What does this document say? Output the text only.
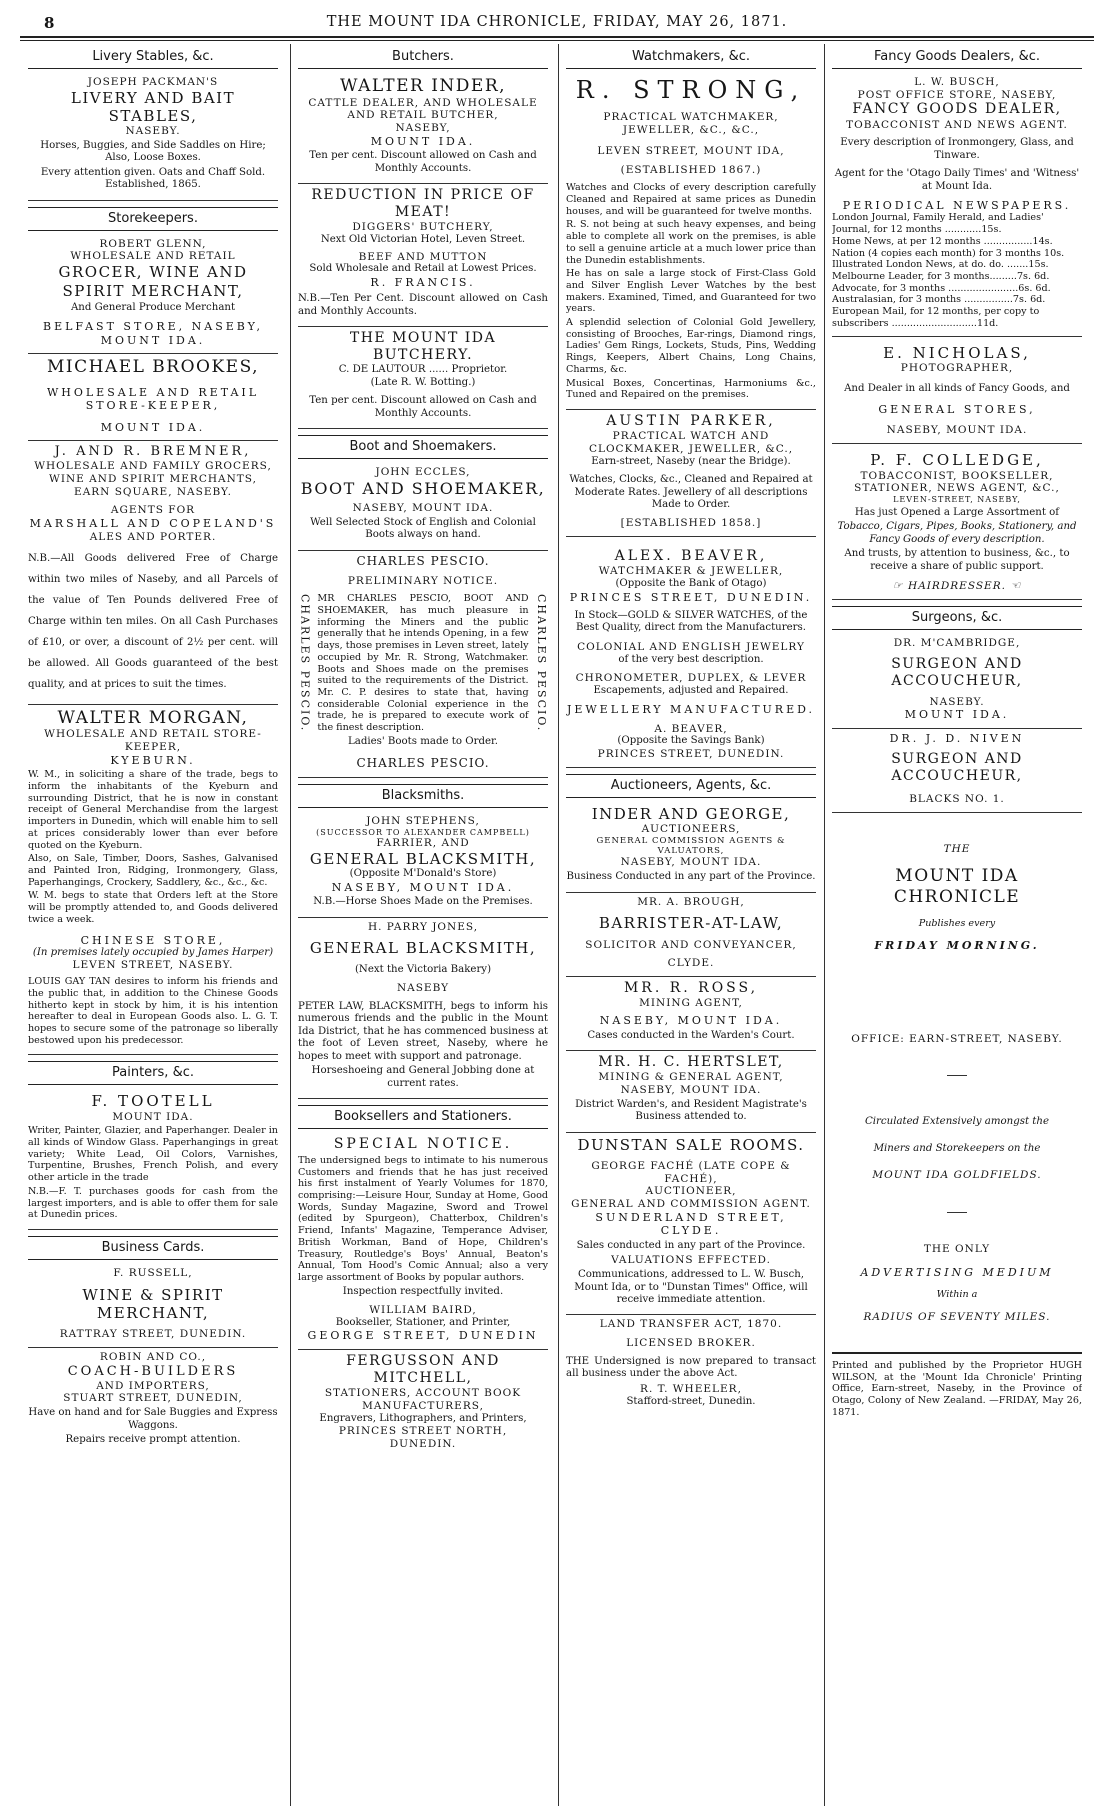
8	THE MOUNT IDA CHRONICLE, FRIDAY, MAY 26, 1871.
Livery Stables, &c.
JOSEPH PACKMAN'S
LIVERY AND BAIT STABLES,
NASEBY.

Horses, Buggies, and Side Saddles on Hire; Also, Loose Boxes.

Every attention given. Oats and Chaff Sold. Established, 1865.

Storekeepers.
ROBERT GLENN,
WHOLESALE AND RETAIL
GROCER, WINE AND SPIRIT MERCHANT,

And General Produce Merchant

BELFAST STORE, NASEBY, MOUNT IDA.
MICHAEL BROOKES,
WHOLESALE AND RETAIL STORE-KEEPER,
MOUNT IDA.
J. AND R. BREMNER,
WHOLESALE AND FAMILY GROCERS, WINE AND SPIRIT MERCHANTS,
EARN SQUARE, NASEBY.
AGENTS FOR
MARSHALL AND COPELAND'S
ALES AND PORTER.

N.B.—All Goods delivered Free of Charge within two miles of Naseby, and all Parcels of the value of Ten Pounds delivered Free of Charge within ten miles. On all Cash Purchases of £10, or over, a discount of 2½ per cent. will be allowed. All Goods guaranteed of the best quality, and at prices to suit the times.

WALTER MORGAN,
WHOLESALE AND RETAIL STORE-KEEPER,
KYEBURN.

W. M., in soliciting a share of the trade, begs to inform the inhabitants of the Kyeburn and surrounding District, that he is now in constant receipt of General Merchandise from the largest importers in Dunedin, which will enable him to sell at prices considerably lower than ever before quoted on the Kyeburn.

Also, on Sale, Timber, Doors, Sashes, Galvanised and Painted Iron, Ridging, Ironmongery, Glass, Paperhangings, Crockery, Saddlery, &c., &c., &c.

W. M. begs to state that Orders left at the Store will be promptly attended to, and Goods delivered twice a week.

CHINESE STORE,
(In premises lately occupied by James Harper)
LEVEN STREET, NASEBY.

LOUIS GAY TAN desires to inform his friends and the public that, in addition to the Chinese Goods hitherto kept in stock by him, it is his intention hereafter to deal in European Goods also. L. G. T. hopes to secure some of the patronage so liberally bestowed upon his predecessor.

Painters, &c.
F. TOOTELL
MOUNT IDA.

Writer, Painter, Glazier, and Paperhanger. Dealer in all kinds of Window Glass. Paperhangings in great variety; White Lead, Oil Colors, Varnishes, Turpentine, Brushes, French Polish, and every other article in the trade

N.B.—F. T. purchases goods for cash from the largest importers, and is able to offer them for sale at Dunedin prices.

Business Cards.
F. RUSSELL,
WINE & SPIRIT MERCHANT,
RATTRAY STREET, DUNEDIN.
ROBIN AND CO.,
COACH-BUILDERS
AND IMPORTERS,
STUART STREET, DUNEDIN,

Have on hand and for Sale Buggies and Express Waggons.

Repairs receive prompt attention.

Butchers.
WALTER INDER,
CATTLE DEALER, AND WHOLESALE AND RETAIL BUTCHER,
NASEBY,
MOUNT IDA.

Ten per cent. Discount allowed on Cash and Monthly Accounts.

REDUCTION IN PRICE OF MEAT!
DIGGERS' BUTCHERY,
Next Old Victorian Hotel, Leven Street.
BEEF AND MUTTON
Sold Wholesale and Retail at Lowest Prices.
R. FRANCIS.

N.B.—Ten Per Cent. Discount allowed on Cash and Monthly Accounts.

THE MOUNT IDA BUTCHERY.
C. DE LAUTOUR ...... Proprietor.
(Late R. W. Botting.)

Ten per cent. Discount allowed on Cash and Monthly Accounts.

Boot and Shoemakers.
JOHN ECCLES,
BOOT AND SHOEMAKER,
NASEBY, MOUNT IDA.

Well Selected Stock of English and Colonial Boots always on hand.

CHARLES PESCIO.
PRELIMINARY NOTICE.
CHARLES PESCIO. MR CHARLES PESCIO, BOOT AND SHOEMAKER, has much pleasure in informing the Miners and the public generally that he intends Opening, in a few days, those premises in Leven street, lately occupied by Mr. R. Strong, Watchmaker. Boots and Shoes made on the premises suited to the requirements of the District. Mr. C. P. desires to state that, having considerable Colonial experience in the trade, he is prepared to execute work of the finest description.	CHARLES PESCIO.

Ladies' Boots made to Order.

CHARLES PESCIO.
Blacksmiths.
JOHN STEPHENS,
(SUCCESSOR TO ALEXANDER CAMPBELL)
FARRIER, AND
GENERAL BLACKSMITH,
(Opposite M'Donald's Store)
NASEBY, MOUNT IDA.

N.B.—Horse Shoes Made on the Premises.

H. PARRY JONES,
GENERAL BLACKSMITH,
(Next the Victoria Bakery)
NASEBY

PETER LAW, BLACKSMITH, begs to inform his numerous friends and the public in the Mount Ida District, that he has commenced business at the foot of Leven street, Naseby, where he hopes to meet with support and patronage.

Horseshoeing and General Jobbing done at current rates.

Booksellers and Stationers.
SPECIAL NOTICE.

The undersigned begs to intimate to his numerous Customers and friends that he has just received his first instalment of Yearly Volumes for 1870, comprising:—Leisure Hour, Sunday at Home, Good Words, Sunday Magazine, Sword and Trowel (edited by Spurgeon), Chatterbox, Children's Friend, Infants' Magazine, Temperance Adviser, British Workman, Band of Hope, Children's Treasury, Routledge's Boys' Annual, Beaton's Annual, Tom Hood's Comic Annual; also a very large assortment of Books by popular authors.

Inspection respectfully invited.

WILLIAM BAIRD,
Bookseller, Stationer, and Printer,
GEORGE STREET, DUNEDIN
FERGUSSON AND MITCHELL,
STATIONERS, ACCOUNT BOOK MANUFACTURERS,
Engravers, Lithographers, and Printers,
PRINCES STREET NORTH,
DUNEDIN.
Watchmakers, &c.
R. STRONG,
PRACTICAL WATCHMAKER, JEWELLER, &C., &C.,
LEVEN STREET, MOUNT IDA,
(ESTABLISHED 1867.)

Watches and Clocks of every description carefully Cleaned and Repaired at same prices as Dunedin houses, and will be guaranteed for twelve months.

R. S. not being at such heavy expenses, and being able to complete all work on the premises, is able to sell a genuine article at a much lower price than the Dunedin establishments.

He has on sale a large stock of First-Class Gold and Silver English Lever Watches by the best makers. Examined, Timed, and Guaranteed for two years.

A splendid selection of Colonial Gold Jewellery, consisting of Brooches, Ear-rings, Diamond rings, Ladies' Gem Rings, Lockets, Studs, Pins, Wedding Rings, Keepers, Albert Chains, Long Chains, Charms, &c.

Musical Boxes, Concertinas, Harmoniums &c., Tuned and Repaired on the premises.

AUSTIN PARKER,
PRACTICAL WATCH AND CLOCKMAKER, JEWELLER, &C.,
Earn-street, Naseby (near the Bridge).

Watches, Clocks, &c., Cleaned and Repaired at Moderate Rates. Jewellery of all descriptions Made to Order.

[ESTABLISHED 1858.]
ALEX. BEAVER,
WATCHMAKER & JEWELLER,
(Opposite the Bank of Otago)
PRINCES STREET, DUNEDIN.

In Stock—GOLD & SILVER WATCHES, of the Best Quality, direct from the Manufacturers.

COLONIAL AND ENGLISH JEWELRY
of the very best description.
CHRONOMETER, DUPLEX, & LEVER
Escapements, adjusted and Repaired.
JEWELLERY MANUFACTURED.
A. BEAVER,
(Opposite the Savings Bank)
PRINCES STREET, DUNEDIN.
Auctioneers, Agents, &c.
INDER AND GEORGE,
AUCTIONEERS,
GENERAL COMMISSION AGENTS & VALUATORS,
NASEBY, MOUNT IDA.

Business Conducted in any part of the Province.

MR. A. BROUGH,
BARRISTER-AT-LAW,
SOLICITOR AND CONVEYANCER,
CLYDE.
MR. R. ROSS,
MINING AGENT,
NASEBY, MOUNT IDA.

Cases conducted in the Warden's Court.

MR. H. C. HERTSLET,
MINING & GENERAL AGENT,
NASEBY, MOUNT IDA.

District Warden's, and Resident Magistrate's Business attended to.

DUNSTAN SALE ROOMS.
GEORGE FACHÉ (LATE COPE & FACHÉ),
AUCTIONEER,
GENERAL AND COMMISSION AGENT.
SUNDERLAND STREET,
CLYDE.

Sales conducted in any part of the Province.

VALUATIONS EFFECTED.

Communications, addressed to L. W. Busch, Mount Ida, or to "Dunstan Times" Office, will receive immediate attention.

LAND TRANSFER ACT, 1870.
LICENSED BROKER.

THE Undersigned is now prepared to transact all business under the above Act.

R. T. WHEELER,
Stafford-street, Dunedin.
Fancy Goods Dealers, &c.
L. W. BUSCH,
POST OFFICE STORE, NASEBY,
FANCY GOODS DEALER,
TOBACCONIST AND NEWS AGENT.

Every description of Ironmongery, Glass, and Tinware.

Agent for the 'Otago Daily Times' and 'Witness' at Mount Ida.

PERIODICAL NEWSPAPERS.
London Journal, Family Herald, and Ladies' Journal, for 12 months ............15s.
Home News, at per 12 months ................14s.
Nation (4 copies each month) for 3 months 10s.
Illustrated London News, at do. do. .......15s.
Melbourne Leader, for 3 months.........7s. 6d.
Advocate, for 3 months .......................6s. 6d.
Australasian, for 3 months ................7s. 6d.
European Mail, for 12 months, per copy to subscribers ............................11d.
E. NICHOLAS,
PHOTOGRAPHER,

And Dealer in all kinds of Fancy Goods, and

GENERAL STORES,
NASEBY, MOUNT IDA.
P. F. COLLEDGE,
TOBACCONIST, BOOKSELLER, STATIONER, NEWS AGENT, &C.,
LEVEN-STREET, NASEBY,

Has just Opened a Large Assortment of

Tobacco, Cigars, Pipes, Books, Stationery, and Fancy Goods of every description.

And trusts, by attention to business, &c., to receive a share of public support.

☞ HAIRDRESSER. ☜
Surgeons, &c.
DR. M'CAMBRIDGE,
SURGEON AND ACCOUCHEUR,
NASEBY.
MOUNT IDA.
DR. J. D. NIVEN
SURGEON AND ACCOUCHEUR,
BLACKS NO. 1.
THE
MOUNT IDA CHRONICLE
Publishes every
FRIDAY MORNING.
OFFICE: EARN-STREET, NASEBY.
Circulated Extensively amongst the
Miners and Storekeepers on the
MOUNT IDA GOLDFIELDS.
THE ONLY
ADVERTISING MEDIUM
Within a
RADIUS OF SEVENTY MILES.

Printed and published by the Proprietor HUGH WILSON, at the 'Mount Ida Chronicle' Printing Office, Earn-street, Naseby, in the Province of Otago, Colony of New Zealand. —FRIDAY, May 26, 1871.
